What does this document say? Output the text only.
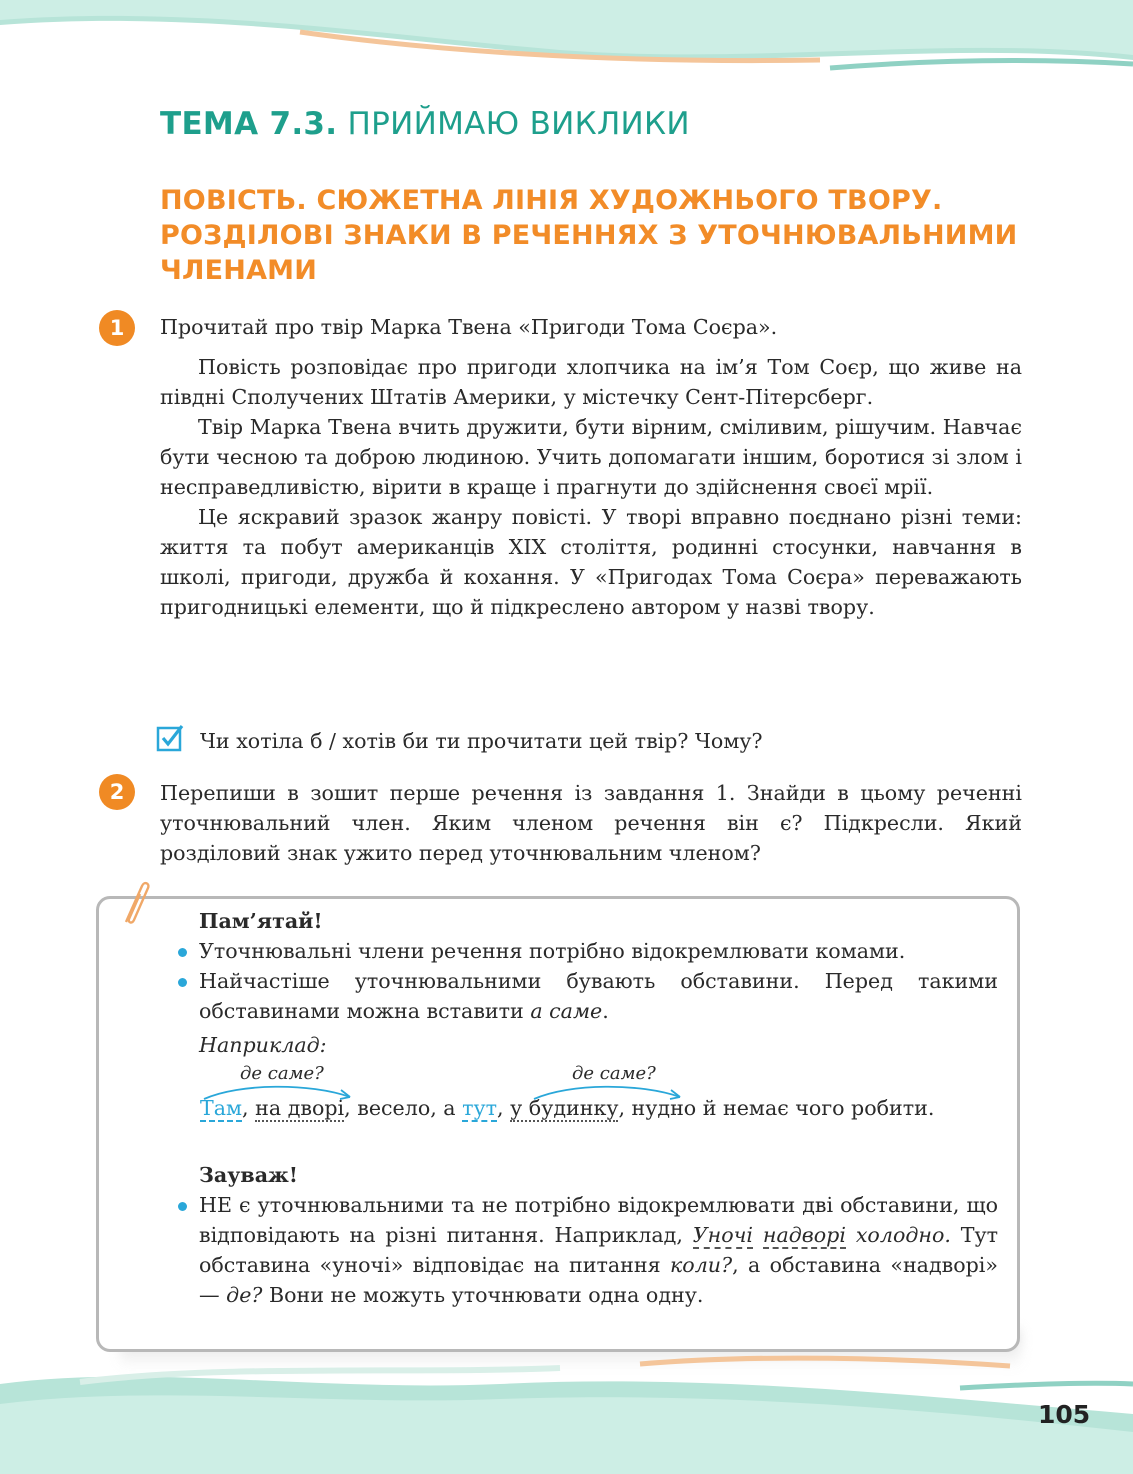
ТЕМА 7.3. ПРИЙМАЮ ВИКЛИКИ
ПОВІСТЬ. СЮЖЕТНА ЛІНІЯ ХУДОЖНЬОГО ТВОРУ. РОЗДІЛОВІ ЗНАКИ В РЕЧЕННЯХ З УТОЧНЮВАЛЬНИМИ ЧЛЕНАМИ
1	Прочитай про твір Марка Твена «Пригоди Тома Соєра».

Повість розповідає про пригоди хлопчика на ім’я Том Соєр, що живе на півдні Сполучених Штатів Америки, у містечку Сент-Пітерсберг.

Твір Марка Твена вчить дружити, бути вірним, сміливим, рішучим. Навчає бути чесною та доброю людиною. Учить допомагати іншим, боротися зі злом і несправедливістю, вірити в краще і прагнути до здійснення своєї мрії.

Це яскравий зразок жанру повісті. У творі вправно поєднано різні теми: життя та побут американців XIX століття, родинні стосунки, навчання в школі, пригоди, дружба й кохання. У «Пригодах Тома Соєра» переважають пригодницькі елементи, що й підкреслено автором у назві твору.

Чи хотіла б / хотів би ти прочитати цей твір? Чому?
2	Перепиши в зошит перше речення із завдання 1. Знайди в цьому реченні уточнювальний член. Яким членом речення він є? Підкресли. Який розділовий знак ужито перед уточнювальним членом?

Пам’ятай!

Уточнювальні члени речення потрібно відокремлювати комами.
Найчастіше уточнювальними бувають обставини. Перед такими обставинами можна вставити а саме.

Наприклад:

де саме?	де саме?
Там, на дворі, весело, а тут, у будинку, нудно й немає чого робити.

Зауваж!

НЕ є уточнювальними та не потрібно відокремлювати дві обставини, що відповідають на різні питання. Наприклад, Уночі надворі холодно. Тут обставина «уночі» відповідає на питання коли?, а обставина «надворі» — де? Вони не можуть уточнювати одна одну.
105
